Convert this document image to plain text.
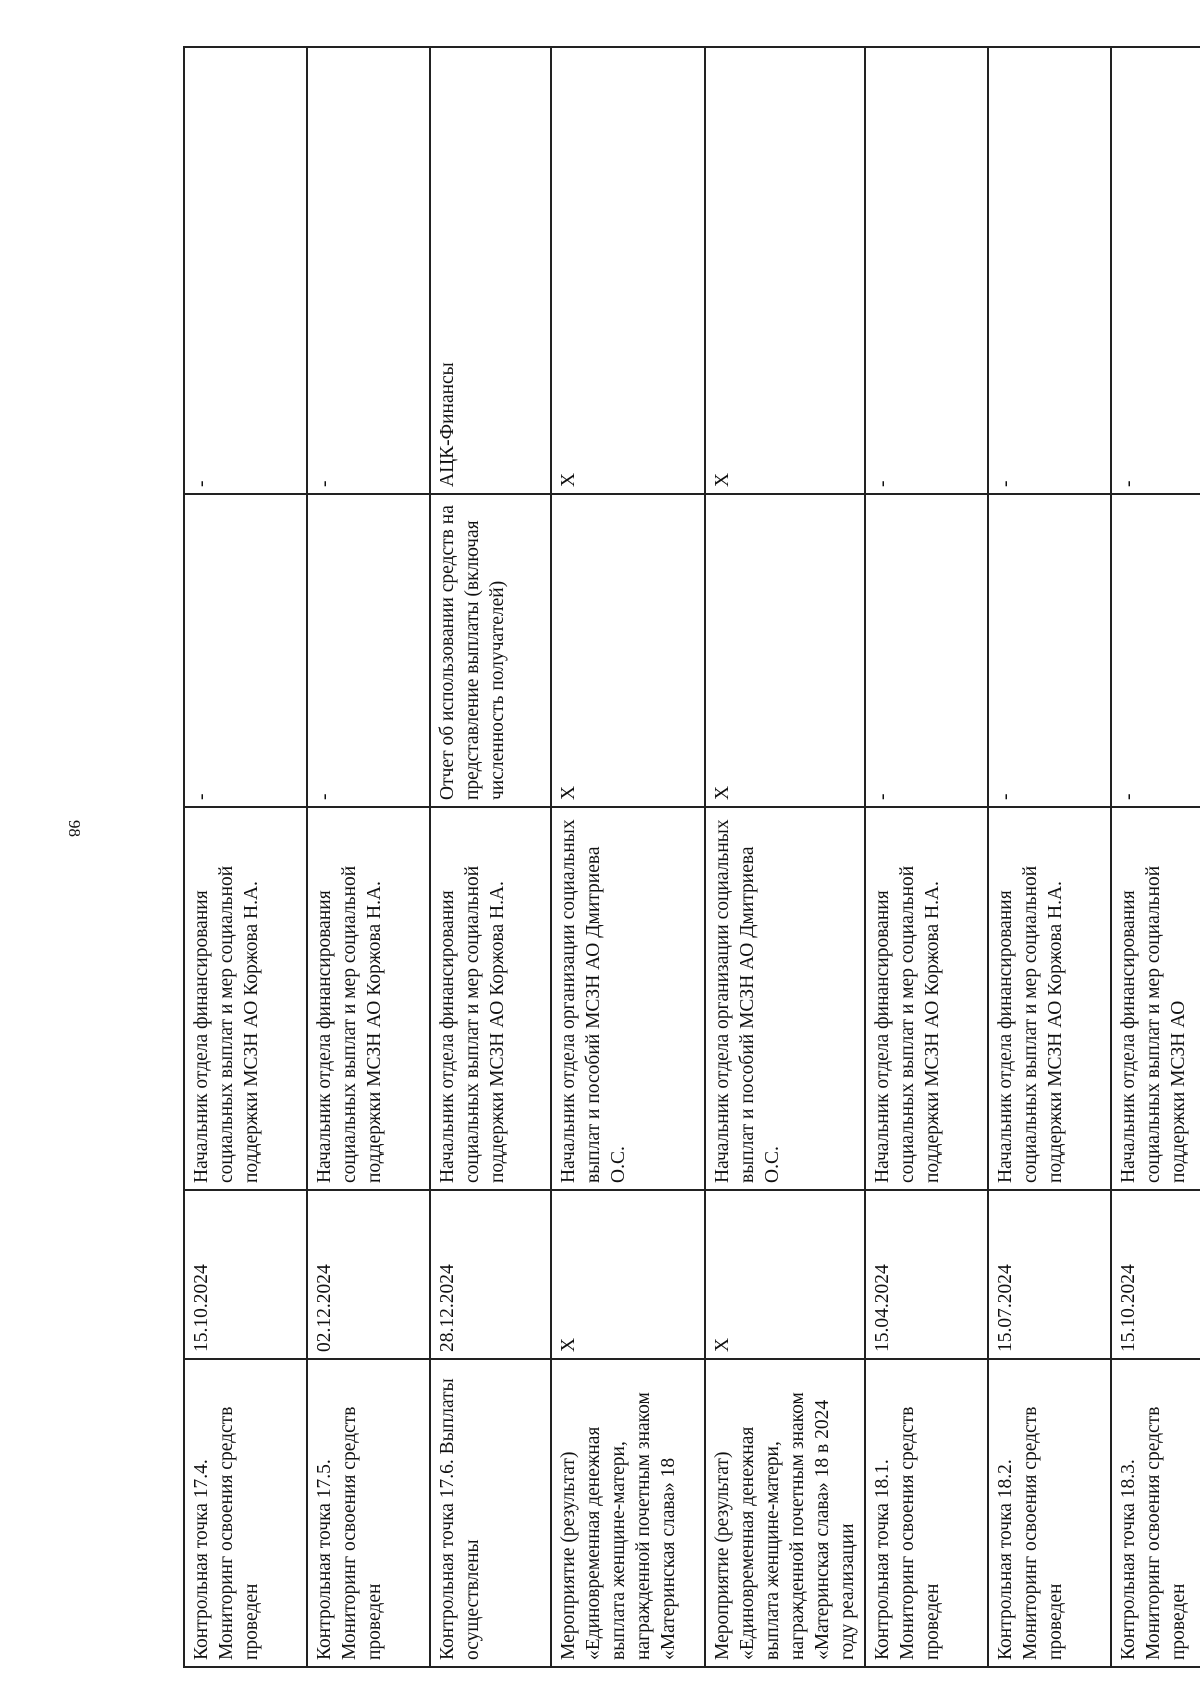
98
Контрольная точка 17.4. Мониторинг освоения средств проведен	15.10.2024	Начальник отдела финансирования социальных выплат и мер социальной поддержки МСЗН АО Коржова Н.А.	-	-
Контрольная точка 17.5. Мониторинг освоения средств проведен	02.12.2024	Начальник отдела финансирования социальных выплат и мер социальной поддержки МСЗН АО Коржова Н.А.	-	-
Контрольная точка 17.6. Выплаты осуществлены	28.12.2024	Начальник отдела финансирования социальных выплат и мер социальной поддержки МСЗН АО Коржова Н.А.	Отчет об использовании средств на представление выплаты (включая численность получателей)	АЦК-Финансы
Мероприятие (результат) «Единовременная денежная выплата женщине-матери, награжденной почетным знаком «Материнская слава» 18	X	Начальник отдела организации социальных выплат и пособий МСЗН АО Дмитриева О.С.	X	X
Мероприятие (результат) «Единовременная денежная выплата женщине-матери, награжденной почетным знаком «Материнская слава» 18 в 2024 году реализации	X	Начальник отдела организации социальных выплат и пособий МСЗН АО Дмитриева О.С.	X	X
Контрольная точка 18.1. Мониторинг освоения средств проведен	15.04.2024	Начальник отдела финансирования социальных выплат и мер социальной поддержки МСЗН АО Коржова Н.А.	-	-
Контрольная точка 18.2. Мониторинг освоения средств проведен	15.07.2024	Начальник отдела финансирования социальных выплат и мер социальной поддержки МСЗН АО Коржова Н.А.	-	-
Контрольная точка 18.3. Мониторинг освоения средств проведен	15.10.2024	Начальник отдела финансирования социальных выплат и мер социальной поддержки МСЗН АО	-	-
